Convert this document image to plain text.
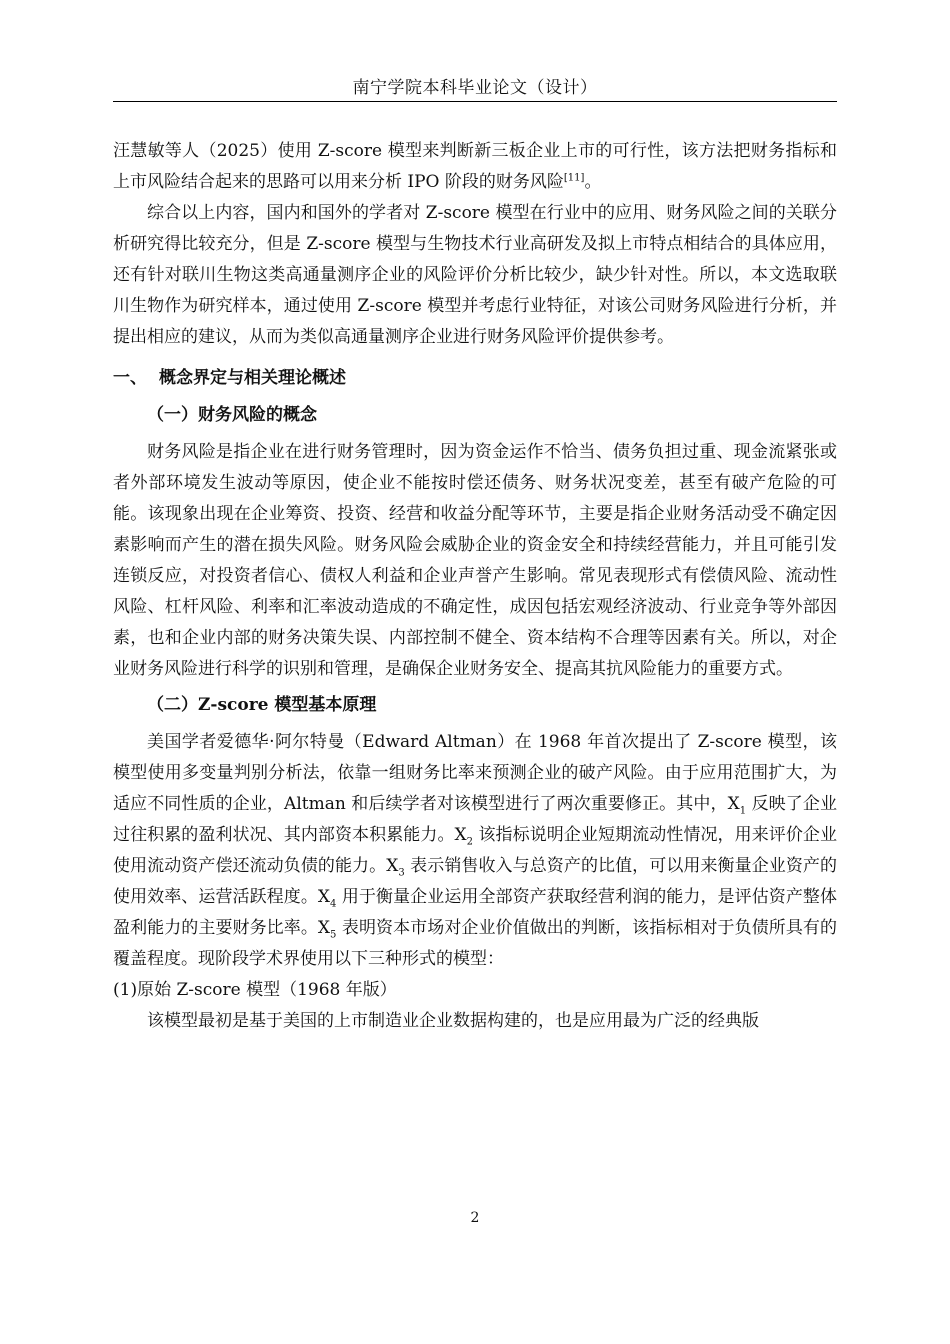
南宁学院本科毕业论文（设计）

汪慧敏等人（2025）使用 Z-score 模型来判断新三板企业上市的可行性，该方法把财务指标和上市风险结合起来的思路可以用来分析 IPO 阶段的财务风险[11]。

综合以上内容，国内和国外的学者对 Z-score 模型在行业中的应用、财务风险之间的关联分析研究得比较充分，但是 Z-score 模型与生物技术行业高研发及拟上市特点相结合的具体应用，还有针对联川生物这类高通量测序企业的风险评价分析比较少，缺少针对性。所以，本文选取联川生物作为研究样本，通过使用 Z-score 模型并考虑行业特征，对该公司财务风险进行分析，并提出相应的建议，从而为类似高通量测序企业进行财务风险评价提供参考。

一、 概念界定与相关理论概述

（一）财务风险的概念

财务风险是指企业在进行财务管理时，因为资金运作不恰当、债务负担过重、现金流紧张或者外部环境发生波动等原因，使企业不能按时偿还债务、财务状况变差，甚至有破产危险的可能。该现象出现在企业筹资、投资、经营和收益分配等环节，主要是指企业财务活动受不确定因素影响而产生的潜在损失风险。财务风险会威胁企业的资金安全和持续经营能力，并且可能引发连锁反应，对投资者信心、债权人利益和企业声誉产生影响。常见表现形式有偿债风险、流动性风险、杠杆风险、利率和汇率波动造成的不确定性，成因包括宏观经济波动、行业竞争等外部因素，也和企业内部的财务决策失误、内部控制不健全、资本结构不合理等因素有关。所以，对企业财务风险进行科学的识别和管理，是确保企业财务安全、提高其抗风险能力的重要方式。

（二）Z-score 模型基本原理

美国学者爱德华·阿尔特曼（Edward Altman）在 1968 年首次提出了 Z-score 模型，该模型使用多变量判别分析法，依靠一组财务比率来预测企业的破产风险。由于应用范围扩大，为适应不同性质的企业，Altman 和后续学者对该模型进行了两次重要修正。其中，$X_1$ 反映了企业过往积累的盈利状况、其内部资本积累能力。$X_2$ 该指标说明企业短期流动性情况，用来评价企业使用流动资产偿还流动负债的能力。$X_3$ 表示销售收入与总资产的比值，可以用来衡量企业资产的使用效率、运营活跃程度。$X_4$ 用于衡量企业运用全部资产获取经营利润的能力，是评估资产整体盈利能力的主要财务比率。$X_5$ 表明资本市场对企业价值做出的判断，该指标相对于负债所具有的覆盖程度。现阶段学术界使用以下三种形式的模型：

(1)原始 Z-score 模型（1968 年版）

该模型最初是基于美国的上市制造业企业数据构建的，也是应用最为广泛的经典版

2
